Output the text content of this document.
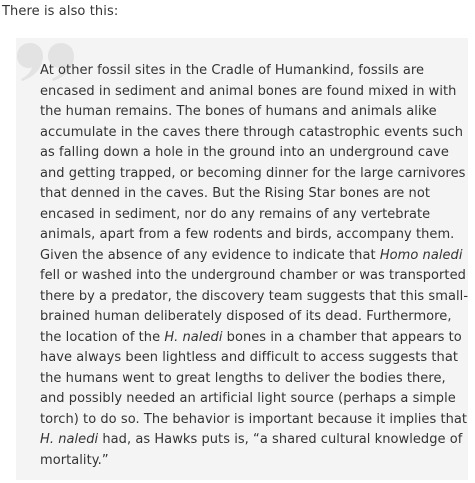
There is also this:

At other fossil sites in the Cradle of Humankind, fossils are encased in sediment and animal bones are found mixed in with the human remains. The bones of humans and animals alike accumulate in the caves there through catastrophic events such as falling down a hole in the ground into an underground cave and getting trapped, or becoming dinner for the large carnivores that denned in the caves. But the Rising Star bones are not encased in sediment, nor do any remains of any vertebrate animals, apart from a few rodents and birds, accompany them. Given the absence of any evidence to indicate that Homo naledi fell or washed into the underground chamber or was transported there by a predator, the discovery team suggests that this small-brained human deliberately disposed of its dead. Furthermore, the location of the H. naledi bones in a chamber that appears to have always been lightless and difficult to access suggests that the humans went to great lengths to deliver the bodies there, and possibly needed an artificial light source (perhaps a simple torch) to do so. The behavior is important because it implies that H. naledi had, as Hawks puts is, “a shared cultural knowledge of mortality.”
